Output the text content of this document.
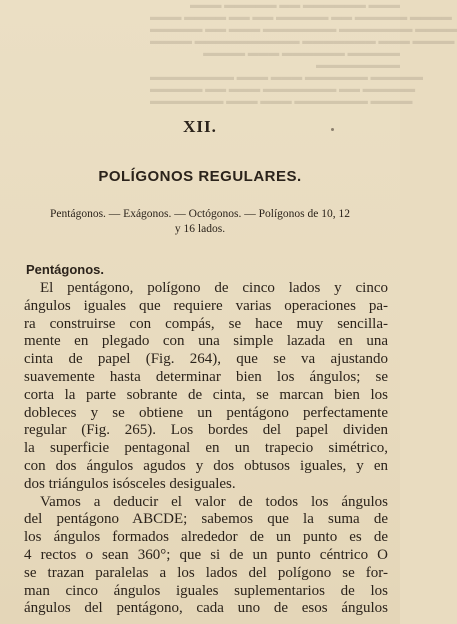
▬▬▬ ▬▬▬▬▬ ▬▬ ▬▬▬▬▬▬ ▬▬▬
▬▬▬ ▬▬▬▬ ▬▬ ▬▬ ▬▬▬▬▬ ▬▬ ▬▬▬▬▬ ▬▬▬▬
▬▬▬▬▬ ▬▬ ▬▬▬ ▬▬▬▬▬▬▬ ▬▬▬▬▬▬▬ ▬▬▬▬
▬▬▬▬ ▬▬▬▬▬▬▬▬▬▬ ▬▬▬▬▬▬▬ ▬▬▬ ▬▬▬▬
▬▬▬▬ ▬▬▬ ▬▬▬▬▬▬ ▬▬▬▬▬
▬▬▬▬▬▬▬▬
▬▬▬▬▬▬▬▬ ▬▬▬ ▬▬▬ ▬▬▬▬▬▬ ▬▬▬▬▬
▬▬▬▬▬ ▬▬ ▬▬▬ ▬▬▬▬▬▬▬ ▬▬ ▬▬▬▬▬
▬▬▬▬▬▬▬ ▬▬▬ ▬▬▬ ▬▬▬▬▬▬▬ ▬▬▬▬
XII.
POLÍGONOS REGULARES.
Pentágonos. — Exágonos. — Octógonos. — Polígonos de 10, 12
y 16 lados.
Pentágonos.
El pentágono, polígono de cinco lados y cinco
ángulos iguales que requiere varias operaciones pa-
ra construirse con compás, se hace muy sencilla-
mente en plegado con una simple lazada en una
cinta de papel (Fig. 264), que se va ajustando
suavemente hasta determinar bien los ángulos; se
corta la parte sobrante de cinta, se marcan bien los
dobleces y se obtiene un pentágono perfectamente
regular (Fig. 265). Los bordes del papel dividen
la superficie pentagonal en un trapecio simétrico,
con dos ángulos agudos y dos obtusos iguales, y en
dos triángulos isósceles desiguales.
Vamos a deducir el valor de todos los ángulos
del pentágono ABCDE; sabemos que la suma de
los ángulos formados alrededor de un punto es de
4 rectos o sean 360°; que si de un punto céntrico O
se trazan paralelas a los lados del polígono se for-
man cinco ángulos iguales suplementarios de los
ángulos del pentágono, cada uno de esos ángulos
